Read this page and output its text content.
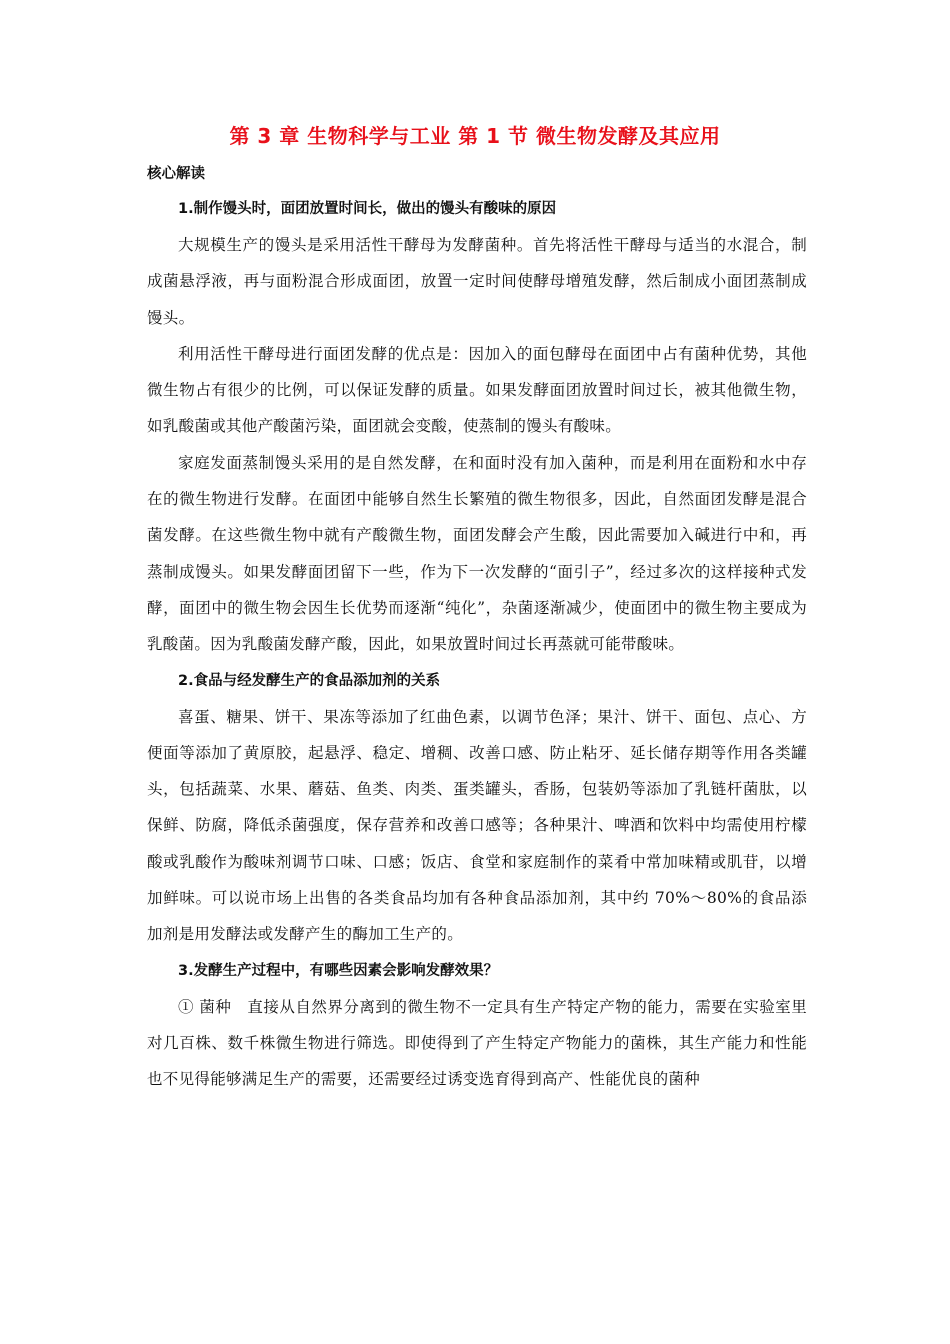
第 3 章 生物科学与工业 第 1 节 微生物发酵及其应用

核心解读

1.制作馒头时，面团放置时间长，做出的馒头有酸味的原因

大规模生产的馒头是采用活性干酵母为发酵菌种。首先将活性干酵母与适当的水混合，制成菌悬浮液，再与面粉混合形成面团，放置一定时间使酵母增殖发酵，然后制成小面团蒸制成馒头。

利用活性干酵母进行面团发酵的优点是：因加入的面包酵母在面团中占有菌种优势，其他微生物占有很少的比例，可以保证发酵的质量。如果发酵面团放置时间过长，被其他微生物，如乳酸菌或其他产酸菌污染，面团就会变酸，使蒸制的馒头有酸味。

家庭发面蒸制馒头采用的是自然发酵，在和面时没有加入菌种，而是利用在面粉和水中存在的微生物进行发酵。在面团中能够自然生长繁殖的微生物很多，因此，自然面团发酵是混合菌发酵。在这些微生物中就有产酸微生物，面团发酵会产生酸，因此需要加入碱进行中和，再蒸制成馒头。如果发酵面团留下一些，作为下一次发酵的“面引子”，经过多次的这样接种式发酵，面团中的微生物会因生长优势而逐渐“纯化”，杂菌逐渐减少，使面团中的微生物主要成为乳酸菌。因为乳酸菌发酵产酸，因此，如果放置时间过长再蒸就可能带酸味。

2.食品与经发酵生产的食品添加剂的关系

喜蛋、糖果、饼干、果冻等添加了红曲色素，以调节色泽；果汁、饼干、面包、点心、方便面等添加了黄原胶，起悬浮、稳定、增稠、改善口感、防止粘牙、延长储存期等作用各类罐头，包括蔬菜、水果、蘑菇、鱼类、肉类、蛋类罐头，香肠，包装奶等添加了乳链杆菌肽，以保鲜、防腐，降低杀菌强度，保存营养和改善口感等；各种果汁、啤酒和饮料中均需使用柠檬酸或乳酸作为酸味剂调节口味、口感；饭店、食堂和家庭制作的菜肴中常加味精或肌苷，以增加鲜味。可以说市场上出售的各类食品均加有各种食品添加剂，其中约 70%～80%的食品添加剂是用发酵法或发酵产生的酶加工生产的。

3.发酵生产过程中，有哪些因素会影响发酵效果？

① 菌种　直接从自然界分离到的微生物不一定具有生产特定产物的能力，需要在实验室里对几百株、数千株微生物进行筛选。即使得到了产生特定产物能力的菌株，其生产能力和性能也不见得能够满足生产的需要，还需要经过诱变选育得到高产、性能优良的菌种
